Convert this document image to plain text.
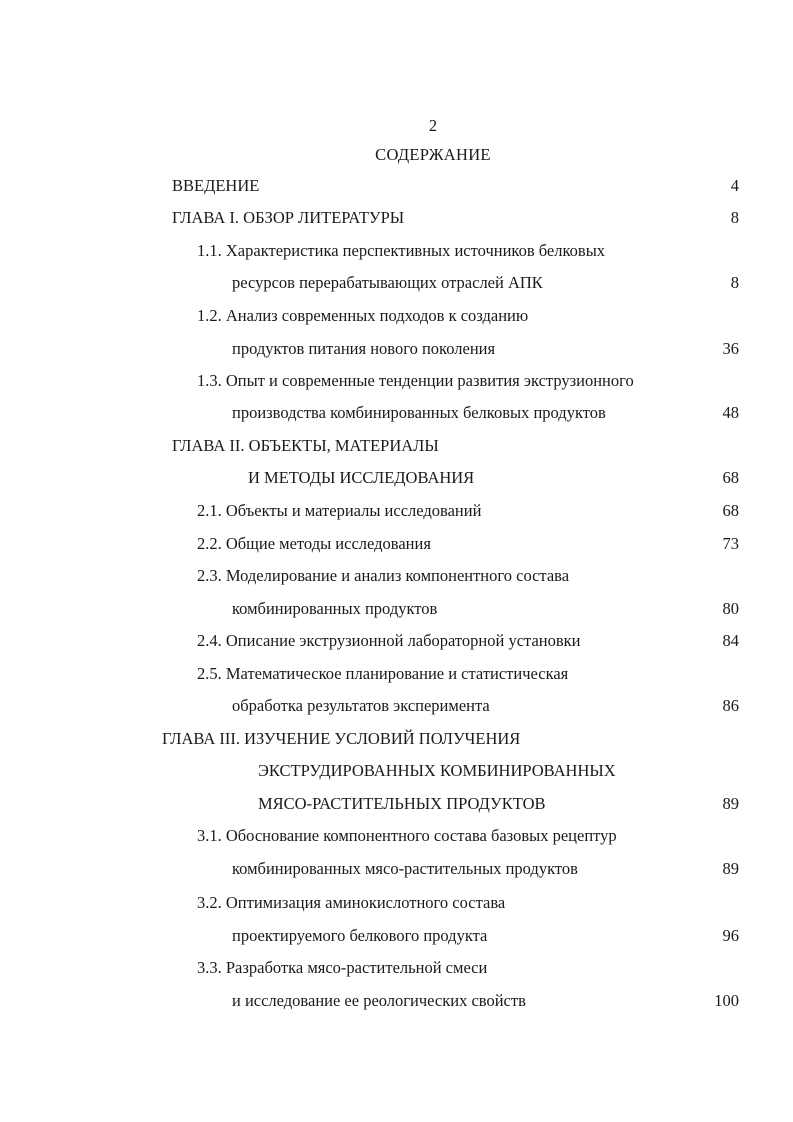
2
СОДЕРЖАНИЕ
ВВЕДЕНИЕ	4
ГЛАВА I. ОБЗОР ЛИТЕРАТУРЫ	8
1.1. Характеристика перспективных источников белковых
ресурсов перерабатывающих отраслей АПК	8
1.2. Анализ современных подходов к созданию
продуктов питания нового поколения	36
1.3. Опыт и современные тенденции развития экструзионного
производства комбинированных белковых продуктов	48
ГЛАВА II. ОБЪЕКТЫ, МАТЕРИАЛЫ
И МЕТОДЫ ИССЛЕДОВАНИЯ	68
2.1. Объекты и материалы исследований	68
2.2. Общие методы исследования	73
2.3. Моделирование и анализ компонентного состава
комбинированных продуктов	80
2.4. Описание экструзионной лабораторной установки	84
2.5. Математическое планирование и статистическая
обработка результатов эксперимента	86
ГЛАВА III. ИЗУЧЕНИЕ УСЛОВИЙ ПОЛУЧЕНИЯ
ЭКСТРУДИРОВАННЫХ КОМБИНИРОВАННЫХ
МЯСО-РАСТИТЕЛЬНЫХ ПРОДУКТОВ	89
3.1. Обоснование компонентного состава базовых рецептур
комбинированных мясо-растительных продуктов	89
3.2. Оптимизация аминокислотного состава
проектируемого белкового продукта	96
3.3. Разработка мясо-растительной смеси
и исследование ее реологических свойств	100
